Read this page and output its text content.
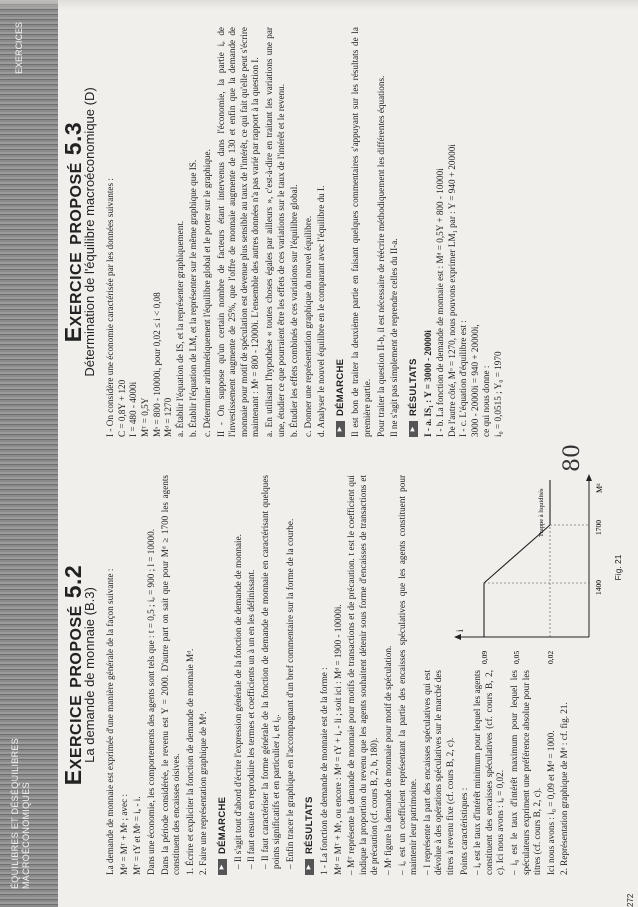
ÉQUILIBRES ET DÉSÉQUILIBRES MACROÉCONOMIQUES
EXERCICES
272
Exercice proposé 5.2
La demande de monnaie (B.3) La demande de monnaie est exprimée d'une manière générale de la façon suivante : Mᵈ = Mᵀ + Mˢ ; avec : Mᵀ = tY et Mˢ = iₑ - i. Dans une économie, les comportements des agents sont tels que : t = 0,5 ; iₑ = 900 ; l = 10000. Dans la période considérée, le revenu est Y = 2000. D'autre part on sait que pour Mᵈ ≥ 1700 les agents constituent des encaisses oisives. 1. Écrire et expliciter la fonction de demande de monnaie Mᵈ. 2. Faire une représentation graphique de Mᵈ. ▶
DÉMARCHE – Il s'agit tout d'abord d'écrire l'expression générale de la fonction de demande de monnaie. – Il faut ensuite en reproduire les termes et coefficients un à un en les définissant. – Il faut caractériser la forme générale de la fonction de demande de monnaie en caractérisant quelques points significatifs et en particulier iₑ et i₀. – Enfin tracer le graphique en l'accompagnant d'un bref commentaire sur la forme de la courbe. ▶
RÉSULTATS 1 - La fonction de demande de monnaie est de la forme : Mᵈ = Mᵀ + Mˢ, ou encore : Mᵈ = tY + iₑ - li ; soit ici : Mᵈ = 1900 - 10000i. – Mᵀ représente la demande de monnaie pour motifs de transactions et de précaution. t est le coefficient qui indique la proportion du revenu que les agents souhaitent détenir sous forme d'encaisses de transactions et de précaution (cf. cours B, 2, b, 180). – Mˢ figure la demande de monnaie pour motif de spéculation. – iₑ est un coefficient représentant la partie des encaisses spéculatives que les agents constituent pour maintenir leur patrimoine. – l représente la part des encaisses spéculatives qui est dévolue à des opérations spéculatives sur le marché des titres à revenu fixe (cf. cours B, 2, c). Points caractéristiques : – iₑ est le taux d'intérêt minimum pour lequel les agents constituent des encaisses spéculatives (cf. cours B, 2, c). Ici nous avons : iₑ = 0,02. – i₀ est le taux d'intérêt maximum pour lequel les spéculateurs expriment une préférence absolue pour les titres (cf. cours B, 2, c). Ici nous avons : i₀ = 0,09 et Mᵈ = 1000. 2. Représentation graphique de Mᵈ : cf. fig. 21.

i
Mᵈ
0,09	0,05	0,02
Trappe à liquidités
1400
1700
Fig. 21
Exercice proposé 5.3
Détermination de l'équilibre macroéconomique (D) I - On considère une économie caractérisée par les données suivantes : C = 0,8Y + 120 I = 480 - 4000i Mᵀ = 0,5Y Mˢ = 800 - 10000i, pour 0,02 ≤ i < 0,08 Mᵈ = 1270 a. Établir l'équation de IS, et la représenter graphiquement. b. Établir l'équation de LM, et la représenter sur le même graphique que IS. c. Déterminer arithmétiquement l'équilibre global et le porter sur le graphique. II - On suppose qu'un certain nombre de facteurs étant intervenus dans l'économie, la partie iₑ de l'investissement augmente de 25%, que l'offre de monnaie augmente de 130 et enfin que la demande de monnaie pour motif de spéculation est devenue plus sensible au taux de l'intérêt, ce qui fait qu'elle peut s'écrire maintenant : Mˢ = 800 - 12000i. L'ensemble des autres données n'a pas varié par rapport à la question I. a. En utilisant l'hypothèse « toutes choses égales par ailleurs », c'est-à-dire en traitant les variations une par une, étudier ce que pourraient être les effets de ces variations sur le taux de l'intérêt et le revenu. b. Étudier les effets combinés de ces variations sur l'équilibre global. c. Donner une représentation graphique du nouvel équilibre. d. Analyser le nouvel équilibre en le comparant avec l'équilibre du I. ▶
DÉMARCHE Il est bon de traiter la deuxième partie en faisant quelques commentaires s'appuyant sur les résultats de la première partie. Pour traiter la question II-b, il est nécessaire de réécrire méthodiquement les différentes équations. Il ne s'agit pas simplement de reprendre celles du II-a. ▶
RÉSULTATS I - a. IS₁ : Y = 3000 - 20000i I - b. La fonction de demande de monnaie est : Mᵈ = 0,5Y + 800 - 10000i De l'autre côté, Mᵒ = 1270, nous pouvons exprimer LM₁ par : Y = 940 + 20000i I - c. L'équation d'équilibre est : 3000 - 20000i = 940 + 20000i, ce qui nous donne : i₀ = 0,0515 ; Y₀ = 1970
80
